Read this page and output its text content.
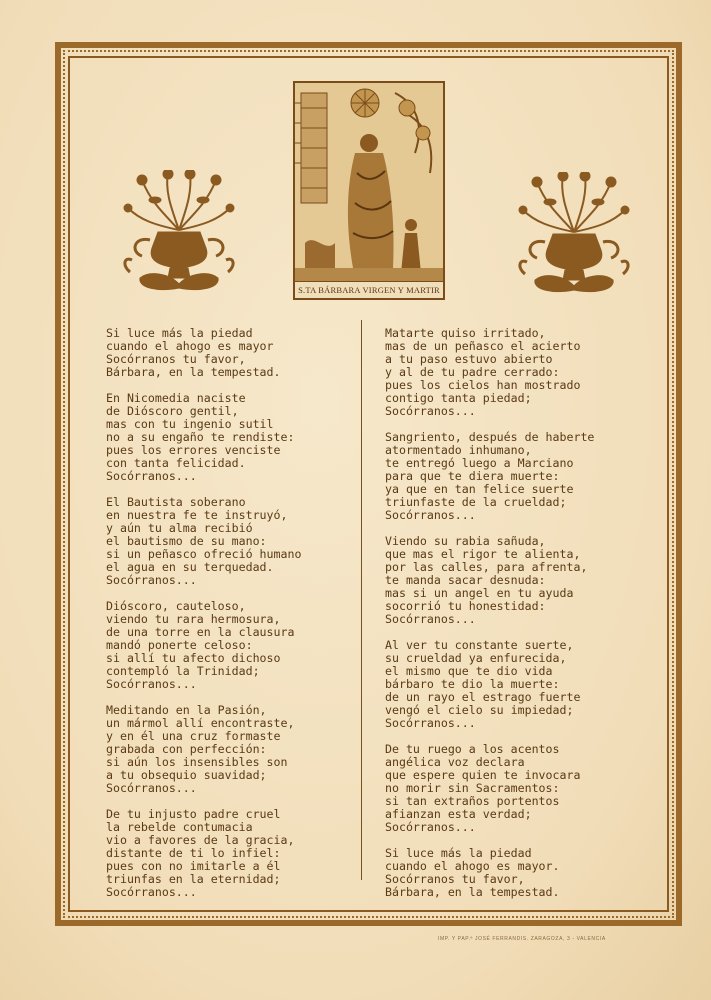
S.TA BÁRBARA VIRGEN Y MARTIR
Si luce más la piedad
cuando el ahogo es mayor
Socórranos tu favor,
Bárbara, en la tempestad.
En Nicomedia naciste
de Dióscoro gentil,
mas con tu ingenio sutil
no a su engaño te rendiste:
pues los errores venciste
con tanta felicidad.
Socórranos...
El Bautista soberano
en nuestra fe te instruyó,
y aún tu alma recibió
el bautismo de su mano:
si un peñasco ofreció humano
el agua en su terquedad.
Socórranos...
Dióscoro, cauteloso,
viendo tu rara hermosura,
de una torre en la clausura
mandó ponerte celoso:
si allí tu afecto dichoso
contempló la Trinidad;
Socórranos...
Meditando en la Pasión,
un mármol allí encontraste,
y en él una cruz formaste
grabada con perfección:
si aún los insensibles son
a tu obsequio suavidad;
Socórranos...
De tu injusto padre cruel
la rebelde contumacia
vio a favores de la gracia,
distante de ti lo infiel:
pues con no imitarle a él
triunfas en la eternidad;
Socórranos...
Matarte quiso irritado,
mas de un peñasco el acierto
a tu paso estuvo abierto
y al de tu padre cerrado:
pues los cielos han mostrado
contigo tanta piedad;
Socórranos...
Sangriento, después de haberte
atormentado inhumano,
te entregó luego a Marciano
para que te diera muerte:
ya que en tan felice suerte
triunfaste de la crueldad;
Socórranos...
Viendo su rabia sañuda,
que mas el rigor te alienta,
por las calles, para afrenta,
te manda sacar desnuda:
mas si un angel en tu ayuda
socorrió tu honestidad:
Socórranos...
Al ver tu constante suerte,
su crueldad ya enfurecida,
el mismo que te dio vida
bárbaro te dio la muerte:
de un rayo el estrago fuerte
vengó el cielo su impiedad;
Socórranos...
De tu ruego a los acentos
angélica voz declara
que espere quien te invocara
no morir sin Sacramentos:
si tan extraños portentos
afianzan esta verdad;
Socórranos...
Si luce más la piedad
cuando el ahogo es mayor.
Socórranos tu favor,
Bárbara, en la tempestad.
IMP. Y PAP.ª JOSÉ FERRANDIS. ZARAGOZA, 3 - VALENCIA
